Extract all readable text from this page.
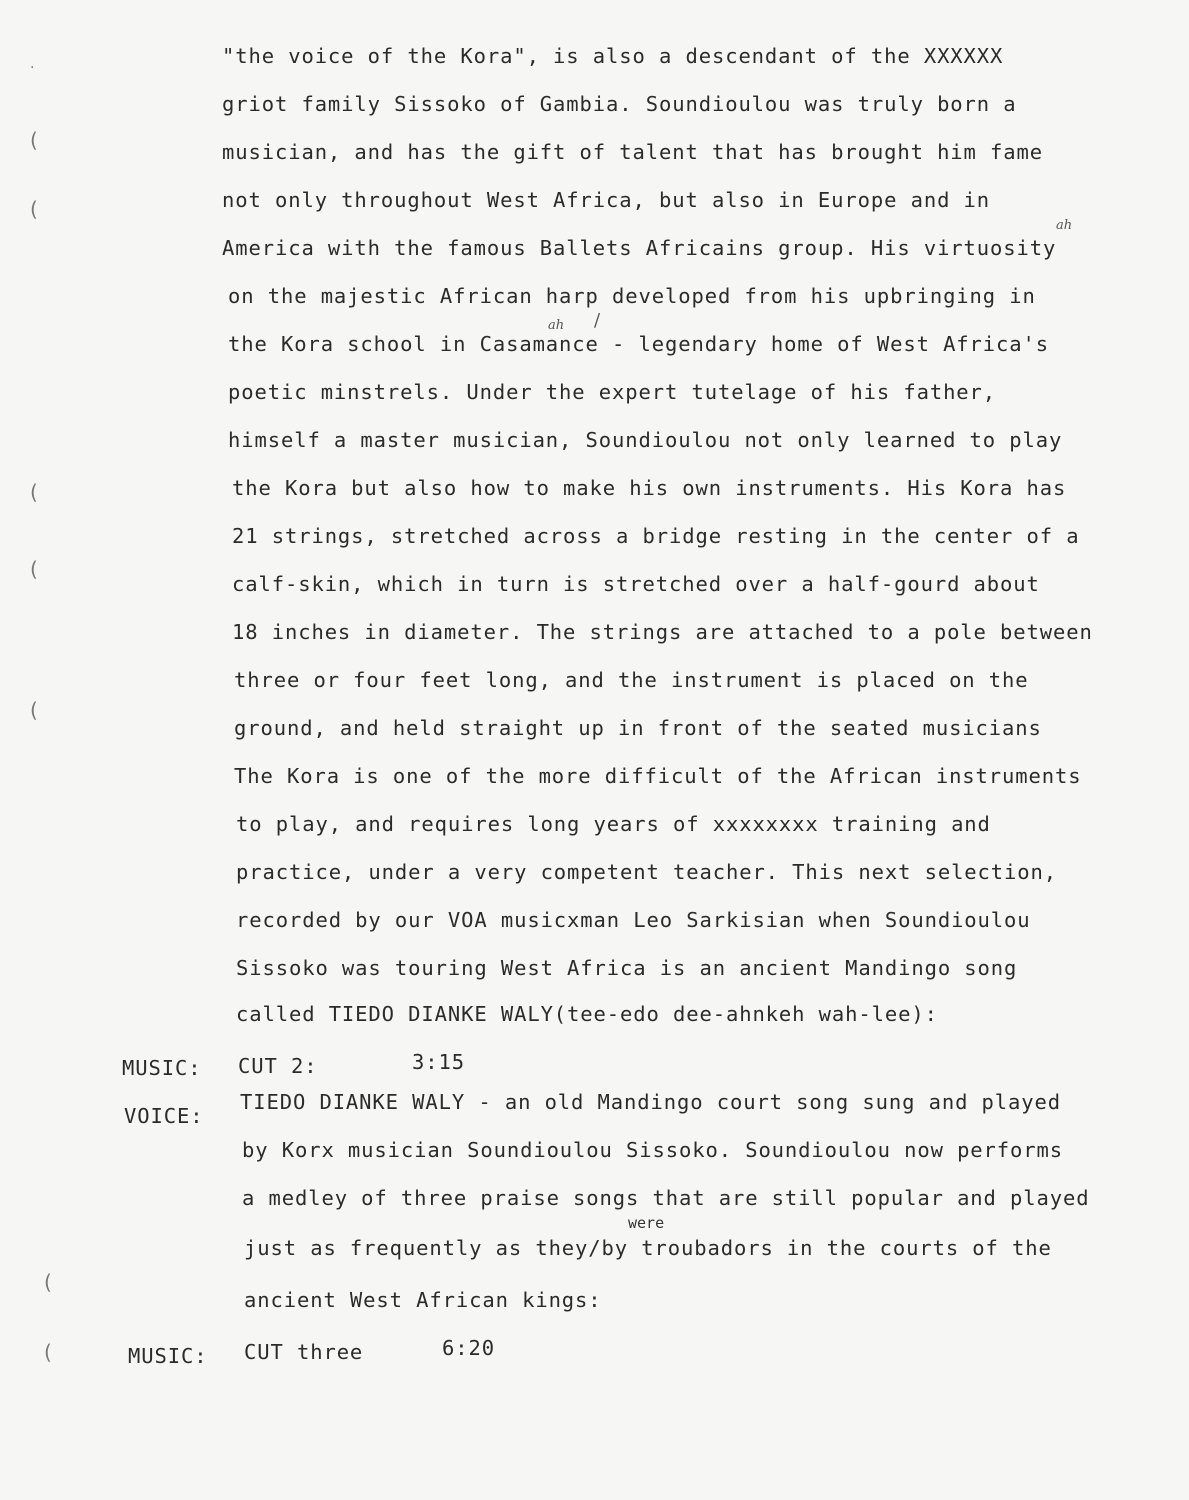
·
(
(
(
(
(
(
(
"the voice of the Kora", is also a descendant of the XXXXXX
griot family Sissoko of Gambia. Soundioulou was truly born a
musician, and has the gift of talent that has brought him fame
not only throughout West Africa, but also in Europe and in
America with the famous Ballets Africains group. His virtuosity
on the majestic African harp developed from his upbringing in
the Kora school in Casamance - legendary home of West Africa's
poetic minstrels. Under the expert tutelage of his father,
himself a master musician, Soundioulou not only learned to play
the Kora but also how to make his own instruments. His Kora has
21 strings, stretched across a bridge resting in the center of a
calf-skin, which in turn is stretched over a half-gourd about
18 inches in diameter. The strings are attached to a pole between
three or four feet long, and the instrument is placed on the
ground, and held straight up in front of the seated musicians
The Kora is one of the more difficult of the African instruments
to play, and requires long years of xxxxxxxx training and
practice, under a very competent teacher. This next selection,
recorded by our VOA musicxman Leo Sarkisian when Soundioulou
Sissoko was touring West Africa is an ancient Mandingo song
called TIEDO DIANKE WALY(tee-edo dee-ahnkeh wah-lee):
ah
ah /
MUSIC: CUT 2:	3:15
VOICE:
TIEDO DIANKE WALY - an old Mandingo court song sung and played
by Korx musician Soundioulou Sissoko. Soundioulou now performs
a medley of three praise songs that are still popular and played
just as frequently as they/by troubadors in the courts of the
ancient West African kings:
were
MUSIC: CUT three	6:20
